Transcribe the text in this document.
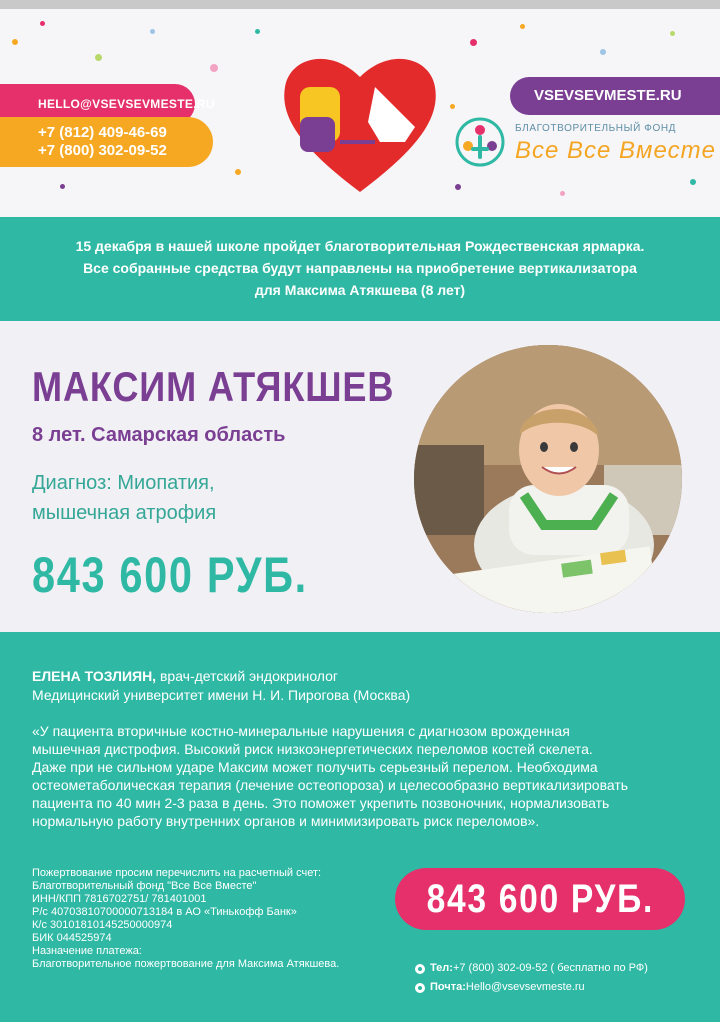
HELLO@VSEVSEVMESTE.RU
+7 (812) 409-46-69
+7 (800) 302-09-52
VSEVSEVMESTE.RU
БЛАГОТВОРИТЕЛЬНЫЙ ФОНД
Все Все Вместе
15 декабря в нашей школе пройдет благотворительная Рождественская ярмарка.
Все собранные средства будут направлены на приобретение вертикализатора
для Максима Атякшева (8 лет)
МАКСИМ АТЯКШЕВ
8 лет. Самарская область
Диагноз: Миопатия,
мышечная атрофия
843 600 РУБ.
ЕЛЕНА ТОЗЛИЯН, врач-детский эндокринолог
Медицинский университет имени Н. И. Пирогова (Москва)
«У пациента вторичные костно-минеральные нарушения с диагнозом врожденная
мышечная дистрофия. Высокий риск низкоэнергетических переломов костей скелета.
Даже при не сильном ударе Максим может получить серьезный перелом. Необходима
остеометаболическая терапия (лечение остеопороза) и целесообразно вертикализировать
пациента по 40 мин 2-3 раза в день. Это поможет укрепить позвоночник, нормализовать
нормальную работу внутренних органов и минимизировать риск переломов».
Пожертвование просим перечислить на расчетный счет:
Благотворительный фонд "Все Все Вместе"
ИНН/КПП 7816702751/ 781401001
Р/с 40703810700000713184 в АО «Тинькофф Банк»
К/с 30101810145250000974
БИК 044525974
Назначение платежа:
Благотворительное пожертвование для Максима Атякшева.
843 600 РУБ.
Тел: +7 (800) 302-09-52 ( бесплатно по РФ)
Почта: Hello@vsevsevmeste.ru
